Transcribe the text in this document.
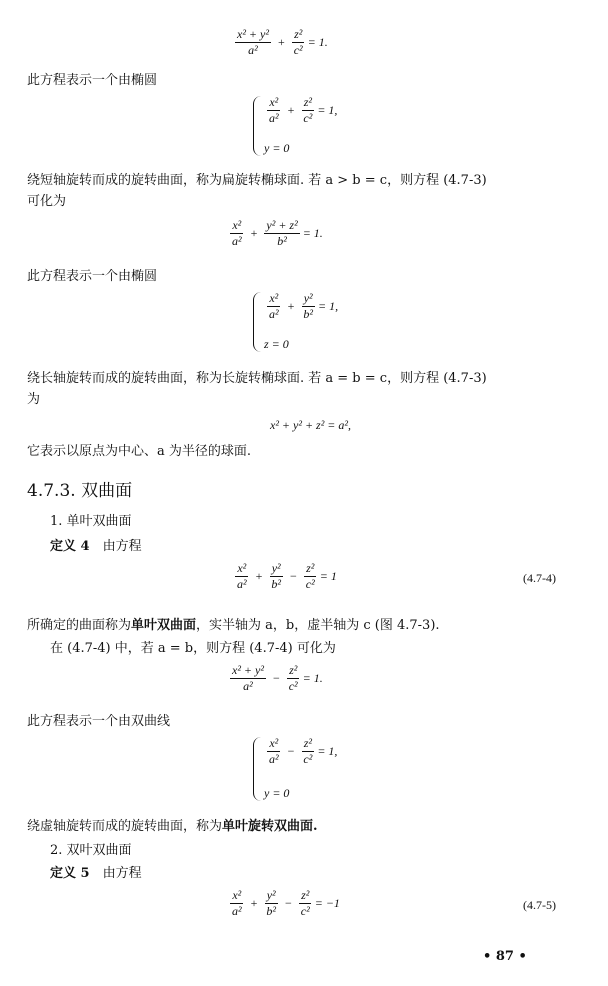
$\frac{\text{x² + y²}}{\text{a²}} + \frac{\text{z²}}{\text{c²}} = 1$.
此方程表示一个由椭圆
$\frac{\text{x²}}{\text{a²}} + \frac{\text{z²}}{\text{c²}} = 1$,
y = 0
绕短轴旋转而成的旋转曲面，称为扁旋转椭球面. 若 a > b = c，则方程 (4.7-3)
可化为
$\frac{\text{x²}}{\text{a²}} + \frac{\text{y² + z²}}{\text{b²}} = 1$.
此方程表示一个由椭圆
$\frac{\text{x²}}{\text{a²}} + \frac{\text{y²}}{\text{b²}} = 1$,
z = 0
绕长轴旋转而成的旋转曲面，称为长旋转椭球面. 若 a = b = c，则方程 (4.7-3)
为
x² + y² + z² = a²,
它表示以原点为中心、a 为半径的球面.
4.7.3. 双曲面
1. 单叶双曲面
定义 4　由方程
$\frac{\text{x²}}{\text{a²}} + \frac{\text{y²}}{\text{b²}} - \frac{\text{z²}}{\text{c²}} = 1$	(4.7-4)
所确定的曲面称为单叶双曲面，实半轴为 a，b，虚半轴为 c (图 4.7-3).
在 (4.7-4) 中，若 a = b，则方程 (4.7-4) 可化为
$\frac{\text{x² + y²}}{\text{a²}} - \frac{\text{z²}}{\text{c²}} = 1$.
此方程表示一个由双曲线
$\frac{\text{x²}}{\text{a²}} - \frac{\text{z²}}{\text{c²}} = 1$,
y = 0
绕虚轴旋转而成的旋转曲面，称为单叶旋转双曲面.
2. 双叶双曲面
定义 5　由方程
$\frac{\text{x²}}{\text{a²}} + \frac{\text{y²}}{\text{b²}} - \frac{\text{z²}}{\text{c²}} = -1$	(4.7-5)
• 87 •
